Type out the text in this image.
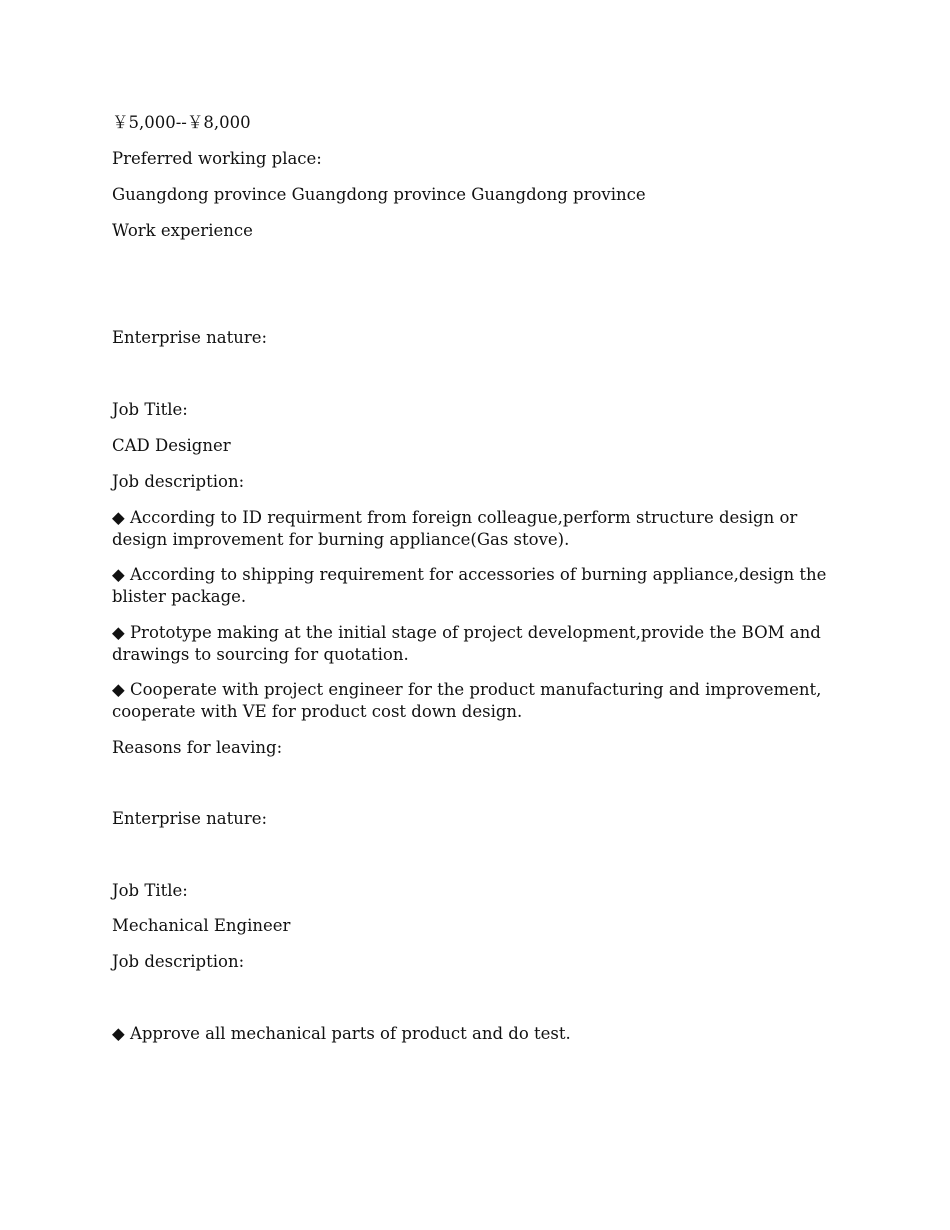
￥5,000--￥8,000
Preferred working place:
Guangdong province Guangdong province Guangdong province
Work experience
Enterprise nature:
Job Title:
CAD Designer
Job description:
◆ According to ID requirment from foreign colleague,perform structure design or design improvement for burning appliance(Gas stove).
◆ According to shipping requirement for accessories of burning appliance,design the blister package.
◆ Prototype making at the initial stage of project development,provide the BOM and drawings to sourcing for quotation.
◆ Cooperate with project engineer for the product manufacturing and improvement, cooperate with VE for product cost down design.
Reasons for leaving:
Enterprise nature:
Job Title:
Mechanical Engineer
Job description:
◆ Approve all mechanical parts of product and do test.
